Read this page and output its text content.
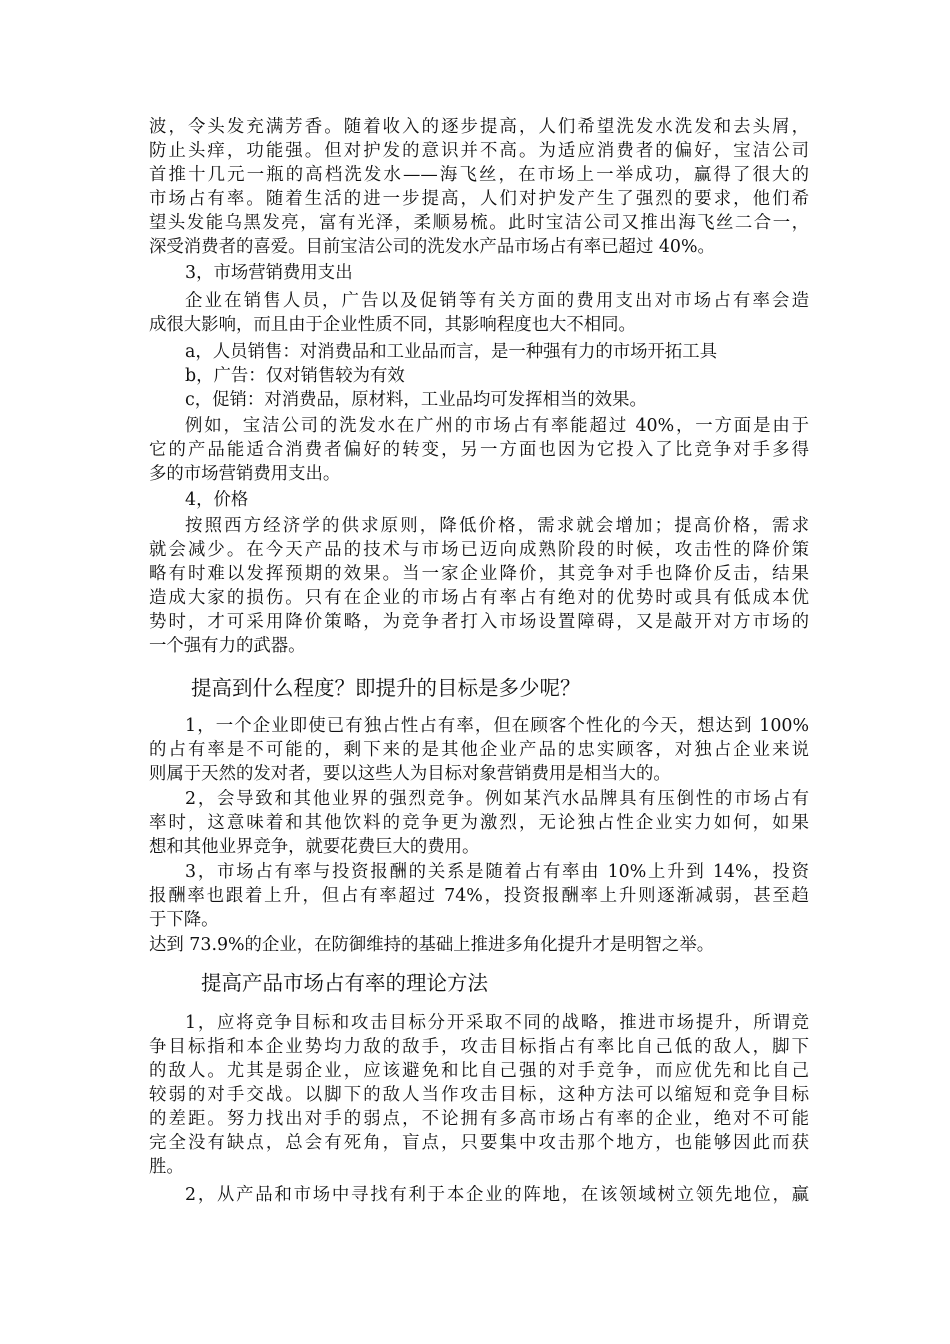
波，令头发充满芳香。随着收入的逐步提高，人们希望洗发水洗发和去头屑，
防止头痒，功能强。但对护发的意识并不高。为适应消费者的偏好，宝洁公司
首推十几元一瓶的高档洗发水——海飞丝，在市场上一举成功，赢得了很大的
市场占有率。随着生活的进一步提高，人们对护发产生了强烈的要求，他们希
望头发能乌黑发亮，富有光泽，柔顺易梳。此时宝洁公司又推出海飞丝二合一，
深受消费者的喜爱。目前宝洁公司的洗发水产品市场占有率已超过 40%。
3，市场营销费用支出
企业在销售人员，广告以及促销等有关方面的费用支出对市场占有率会造
成很大影响，而且由于企业性质不同，其影响程度也大不相同。
a，人员销售：对消费品和工业品而言，是一种强有力的市场开拓工具
b，广告：仅对销售较为有效
c，促销：对消费品，原材料，工业品均可发挥相当的效果。
例如，宝洁公司的洗发水在广州的市场占有率能超过 40%，一方面是由于
它的产品能适合消费者偏好的转变，另一方面也因为它投入了比竞争对手多得
多的市场营销费用支出。
4，价格
按照西方经济学的供求原则，降低价格，需求就会增加；提高价格，需求
就会减少。在今天产品的技术与市场已迈向成熟阶段的时候，攻击性的降价策
略有时难以发挥预期的效果。当一家企业降价，其竞争对手也降价反击，结果
造成大家的损伤。只有在企业的市场占有率占有绝对的优势时或具有低成本优
势时，才可采用降价策略，为竞争者打入市场设置障碍，又是敲开对方市场的
一个强有力的武器。
提高到什么程度？即提升的目标是多少呢？
1，一个企业即使已有独占性占有率，但在顾客个性化的今天，想达到 100%
的占有率是不可能的，剩下来的是其他企业产品的忠实顾客，对独占企业来说
则属于天然的发对者，要以这些人为目标对象营销费用是相当大的。
2，会导致和其他业界的强烈竞争。例如某汽水品牌具有压倒性的市场占有
率时，这意味着和其他饮料的竞争更为激烈，无论独占性企业实力如何，如果
想和其他业界竞争，就要花费巨大的费用。
3，市场占有率与投资报酬的关系是随着占有率由 10%上升到 14%，投资
报酬率也跟着上升，但占有率超过 74%，投资报酬率上升则逐渐减弱，甚至趋
于下降。
达到 73.9%的企业，在防御维持的基础上推进多角化提升才是明智之举。
提高产品市场占有率的理论方法
1，应将竞争目标和攻击目标分开采取不同的战略，推进市场提升，所谓竞
争目标指和本企业势均力敌的敌手，攻击目标指占有率比自己低的敌人，脚下
的敌人。尤其是弱企业，应该避免和比自己强的对手竞争，而应优先和比自己
较弱的对手交战。以脚下的敌人当作攻击目标，这种方法可以缩短和竞争目标
的差距。努力找出对手的弱点，不论拥有多高市场占有率的企业，绝对不可能
完全没有缺点，总会有死角，盲点，只要集中攻击那个地方，也能够因此而获
胜。
2，从产品和市场中寻找有利于本企业的阵地，在该领域树立领先地位，赢
